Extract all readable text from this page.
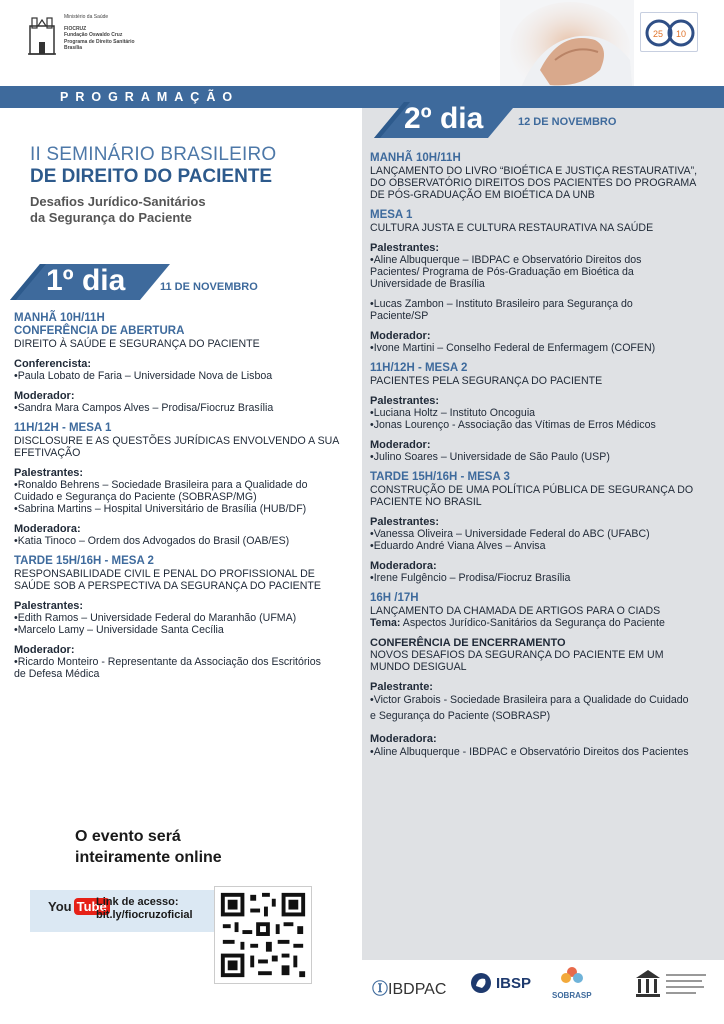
Ministério da Saúde
FIOCRUZ
Fundação Oswaldo Cruz
Programa de Direito Sanitário
Brasília
25 10
PROGRAMAÇÃO
II SEMINÁRIO BRASILEIRO
DE DIREITO DO PACIENTE
Desafios Jurídico-Sanitários
da Segurança do Paciente
1º dia	11 DE NOVEMBRO
MANHÃ 10H/11H
CONFERÊNCIA DE ABERTURA
DIREITO À SAÚDE E SEGURANÇA DO PACIENTE
Conferencista:
•Paula Lobato de Faria – Universidade Nova de Lisboa
Moderador:
•Sandra Mara Campos Alves – Prodisa/Fiocruz Brasília
11H/12H - MESA 1
DISCLOSURE E AS QUESTÕES JURÍDICAS ENVOLVENDO A SUA
EFETIVAÇÃO
Palestrantes:
•Ronaldo Behrens – Sociedade Brasileira para a Qualidade do
Cuidado e Segurança do Paciente (SOBRASP/MG)
•Sabrina Martins – Hospital Universitário de Brasília (HUB/DF)
Moderadora:
•Katia Tinoco – Ordem dos Advogados do Brasil (OAB/ES)
TARDE 15H/16H - MESA 2
RESPONSABILIDADE CIVIL E PENAL DO PROFISSIONAL DE
SAÚDE SOB A PERSPECTIVA DA SEGURANÇA DO PACIENTE
Palestrantes:
•Edith Ramos – Universidade Federal do Maranhão (UFMA)
•Marcelo Lamy – Universidade Santa Cecília
Moderador:
•Ricardo Monteiro - Representante da Associação dos Escritórios
de Defesa Médica
O evento será
inteiramente online
You Tube
Link de acesso:
bit.ly/fiocruzoficial
2º dia	12 DE NOVEMBRO
MANHÃ 10H/11H
LANÇAMENTO DO LIVRO “BIOÉTICA E JUSTIÇA RESTAURATIVA”,
DO OBSERVATÓRIO DIREITOS DOS PACIENTES DO PROGRAMA
DE PÓS-GRADUAÇÃO EM BIOÉTICA DA UNB
MESA 1
CULTURA JUSTA E CULTURA RESTAURATIVA NA SAÚDE
Palestrantes:
•Aline Albuquerque – IBDPAC e Observatório Direitos dos
Pacientes/ Programa de Pós-Graduação em Bioética da
Universidade de Brasília
•Lucas Zambon – Instituto Brasileiro para Segurança do
Paciente/SP
Moderador:
•Ivone Martini – Conselho Federal de Enfermagem (COFEN)
11H/12H - MESA 2
PACIENTES PELA SEGURANÇA DO PACIENTE
Palestrantes:
•Luciana Holtz – Instituto Oncoguia
•Jonas Lourenço - Associação das Vítimas de Erros Médicos
Moderador:
•Julino Soares – Universidade de São Paulo (USP)
TARDE 15H/16H - MESA 3
CONSTRUÇÃO DE UMA POLÍTICA PÚBLICA DE SEGURANÇA DO
PACIENTE NO BRASIL
Palestrantes:
•Vanessa Oliveira – Universidade Federal do ABC (UFABC)
•Eduardo André Viana Alves – Anvisa
Moderadora:
•Irene Fulgêncio – Prodisa/Fiocruz Brasília
16H /17H
LANÇAMENTO DA CHAMADA DE ARTIGOS PARA O CIADS
Tema: Aspectos Jurídico-Sanitários da Segurança do Paciente
CONFERÊNCIA DE ENCERRAMENTO
NOVOS DESAFIOS DA SEGURANÇA DO PACIENTE EM UM
MUNDO DESIGUAL
Palestrante:
•Victor Grabois - Sociedade Brasileira para a Qualidade do Cuidado
e Segurança do Paciente (SOBRASP)
Moderadora:
•Aline Albuquerque - IBDPAC e Observatório Direitos dos Pacientes
ⒾIBDPAC	IBSP
SOBRASP
